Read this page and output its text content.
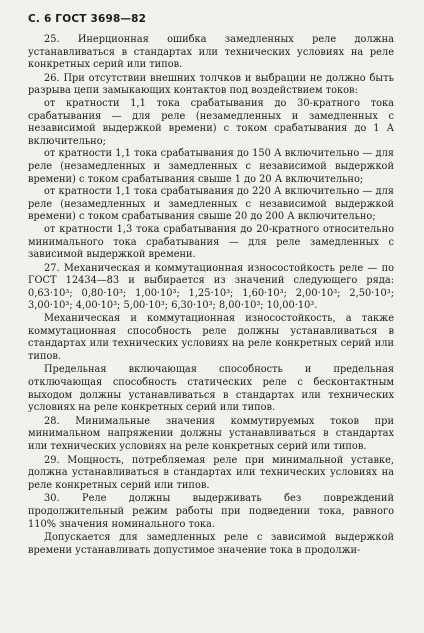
С. 6 ГОСТ 3698—82

25. Инерционная ошибка замедленных реле должна устанавливаться в стандартах или технических условиях на реле конкретных серий или типов.

26. При отсутствии внешних толчков и выбрации не должно быть разрыва цепи замыкающих контактов под воздействием токов:

от кратности 1,1 тока срабатывания до 30-кратного тока срабатывания — для реле (незамедленных и замедленных с независимой выдержкой времени) с током срабатывания до 1 А включительно;

от кратности 1,1 тока срабатывания до 150 А включительно — для реле (незамедленных и замедленных с независимой выдержкой времени) с током срабатывания свыше 1 до 20 А включительно;

от кратности 1,1 тока срабатывания до 220 А включительно — для реле (незамедленных и замедленных с независимой выдержкой времени) с током срабатывания свыше 20 до 200 А включительно;

от кратности 1,3 тока срабатывания до 20-кратного относительно минимального тока срабатывания — для реле замедленных с зависимой выдержкой времени.

27. Механическая и коммутационная износостойкость реле — по ГОСТ 12434—83 и выбирается из значений следующего ряда: 0,63·10³; 0,80·10³; 1,00·10³; 1,25·10³; 1,60·10³; 2,00·10³; 2,50·10³; 3,00·10³; 4,00·10³; 5,00·10³; 6,30·10³; 8,00·10³; 10,00·10³.

Механическая и коммутационная износостойкость, а также коммутационная способность реле должны устанавливаться в стандартах или технических условиях на реле конкретных серий или типов.

Предельная включающая способность и предельная отключающая способность статических реле с бесконтактным выходом должны устанавливаться в стандартах или технических условиях на реле конкретных серий или типов.

28. Минимальные значения коммутируемых токов при минимальном напряжении должны устанавливаться в стандартах или технических условиях на реле конкретных серий или типов.

29. Мощность, потребляемая реле при минимальной уставке, должна устанавливаться в стандартах или технических условиях на реле конкретных серий или типов.

30. Реле должны выдерживать без повреждений продолжительный режим работы при подведении тока, равного 110% значения номинального тока.

Допускается для замедленных реле с зависимой выдержкой времени устанавливать допустимое значение тока в продолжи-
